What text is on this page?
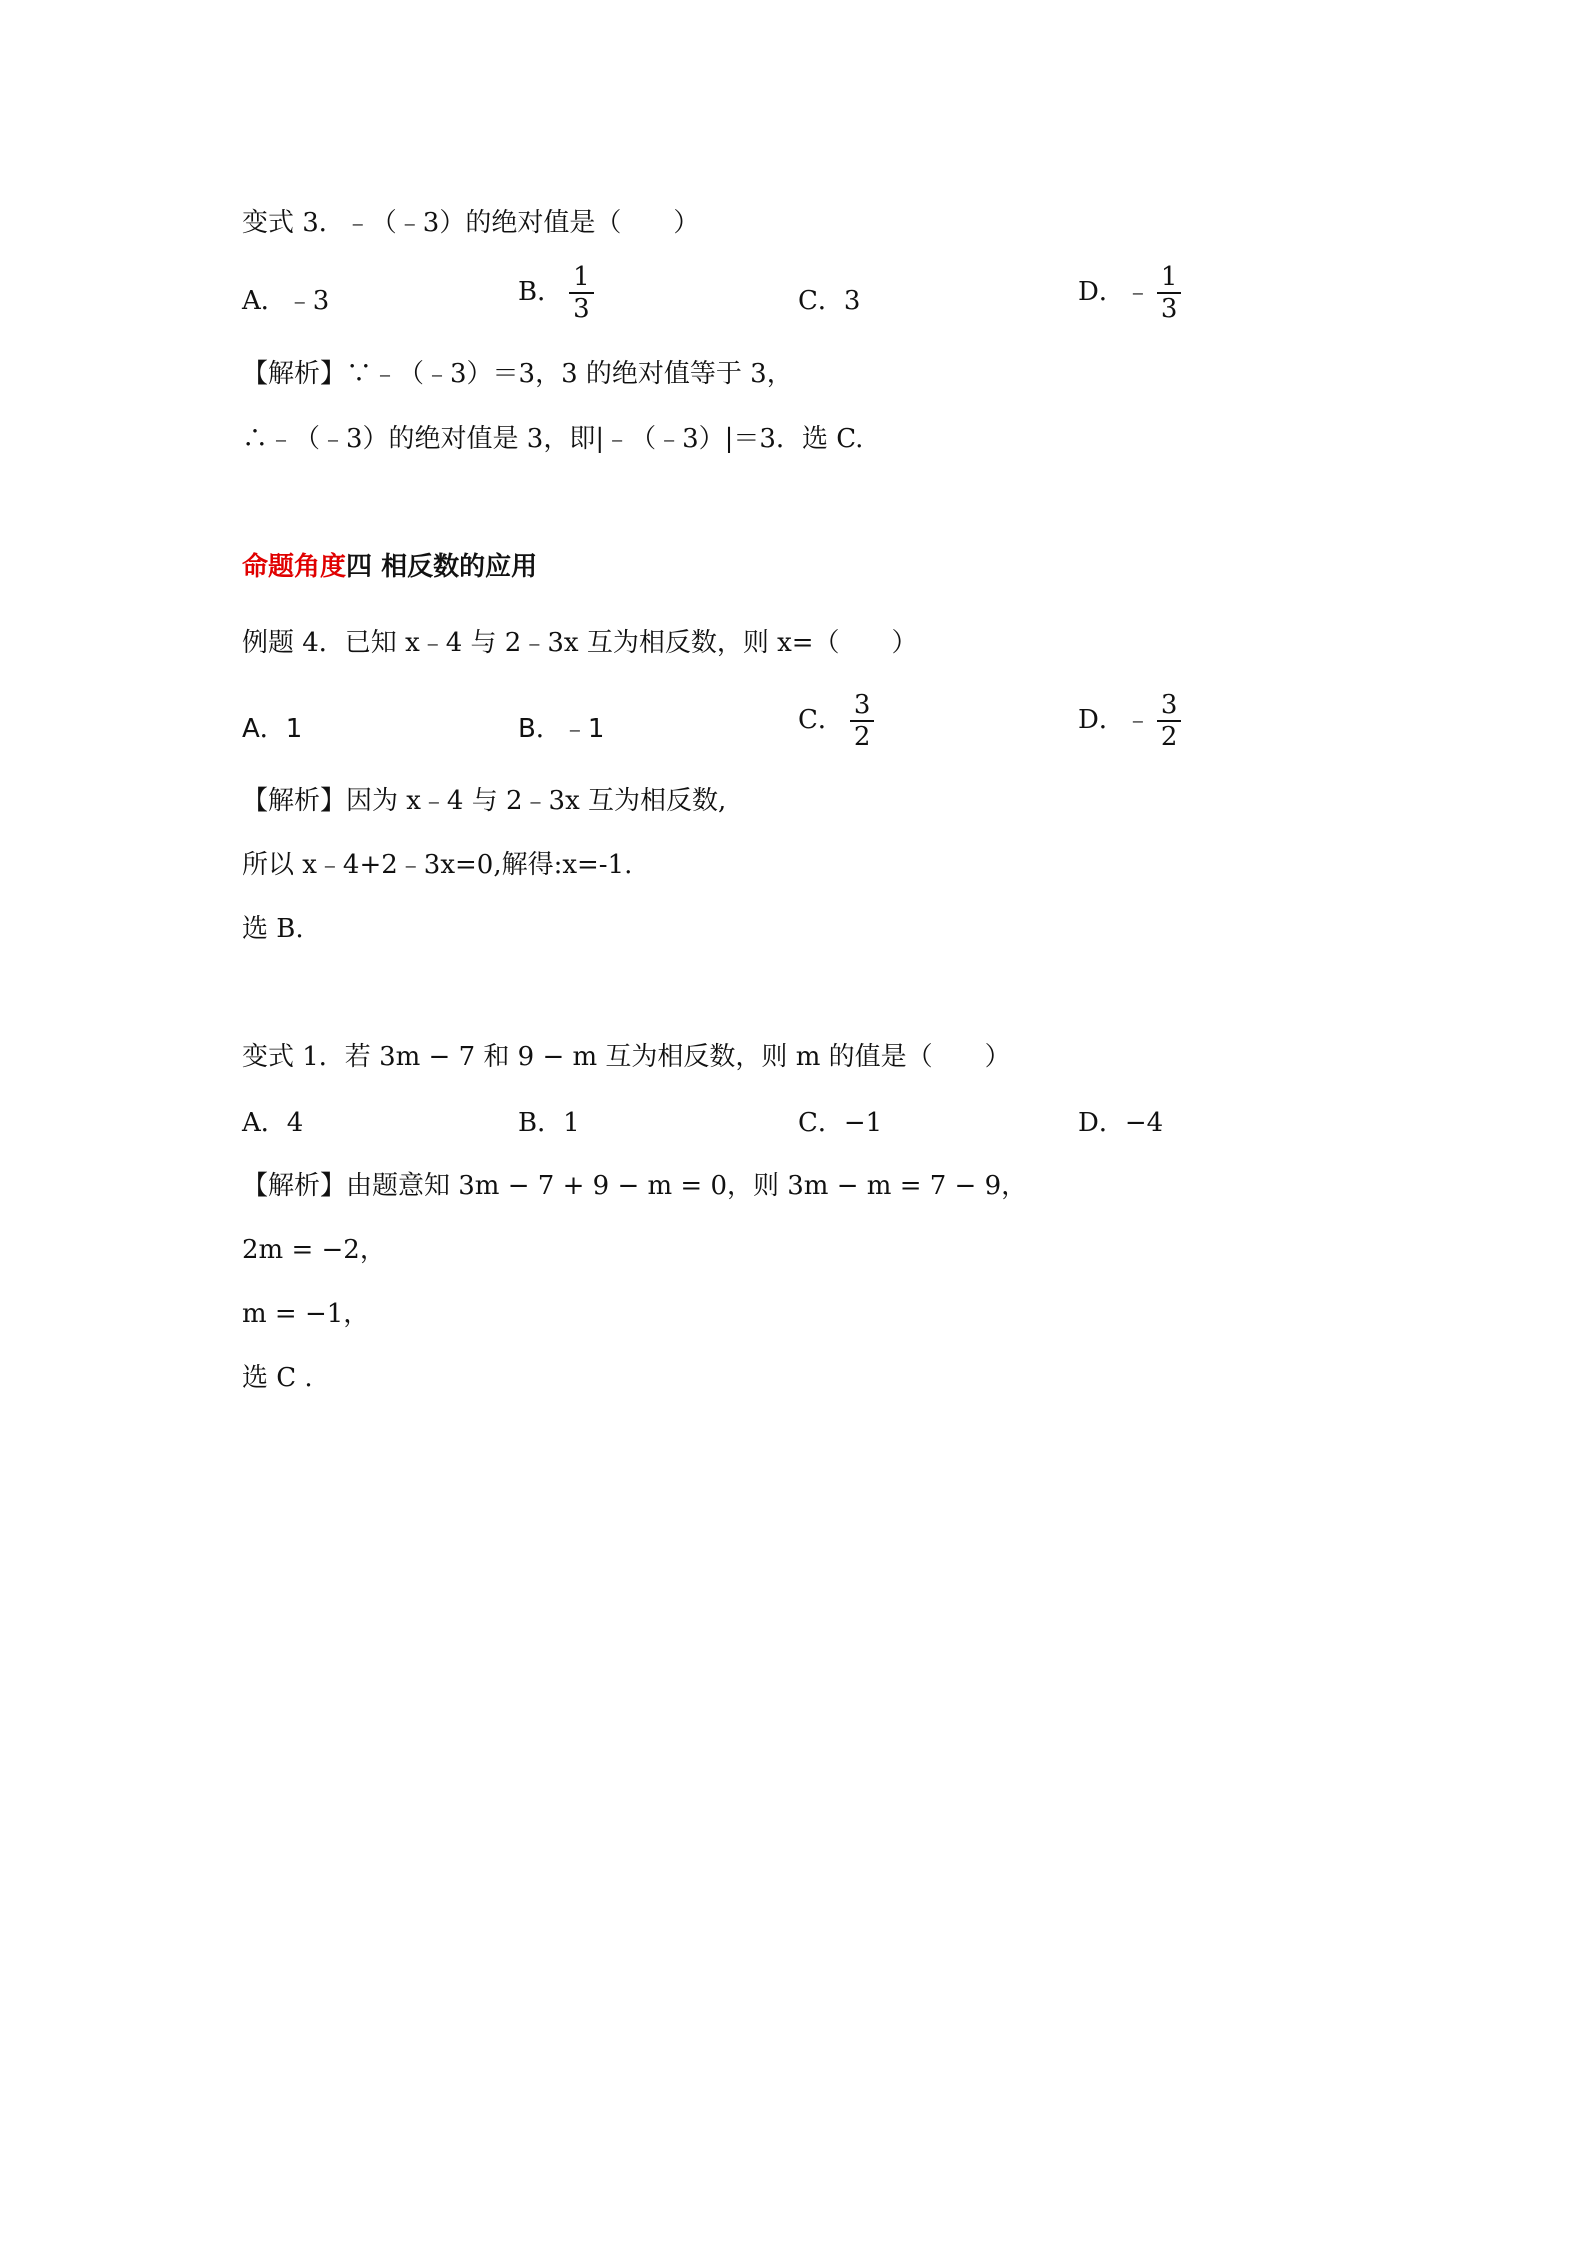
变式 3．﹣（﹣3）的绝对值是（　　）
A．﹣3	B． $\frac{1}{3}$	C．3	D．﹣ $\frac{1}{3}$
【解析】∵﹣（﹣3）＝3，3 的绝对值等于 3，
∴﹣（﹣3）的绝对值是 3，即|﹣（﹣3）|＝3．选 C.
命题角度四 相反数的应用
例题 4．已知 x﹣4 与 2﹣3x 互为相反数，则 x=（　　）
A．1	B．﹣1	C． $\frac{3}{2}$	D．﹣ $\frac{3}{2}$
【解析】因为 x﹣4 与 2﹣3x 互为相反数,
所以 x﹣4+2﹣3x=0,解得:x=-1.
选 B.
变式 1．若 3m − 7 和 9 − m 互为相反数，则 m 的值是（　　）
A．4	B．1	C．−1	D．−4
【解析】由题意知 3m − 7 + 9 − m = 0，则 3m − m = 7 − 9，
2m = −2，
m = −1，
选 C .
